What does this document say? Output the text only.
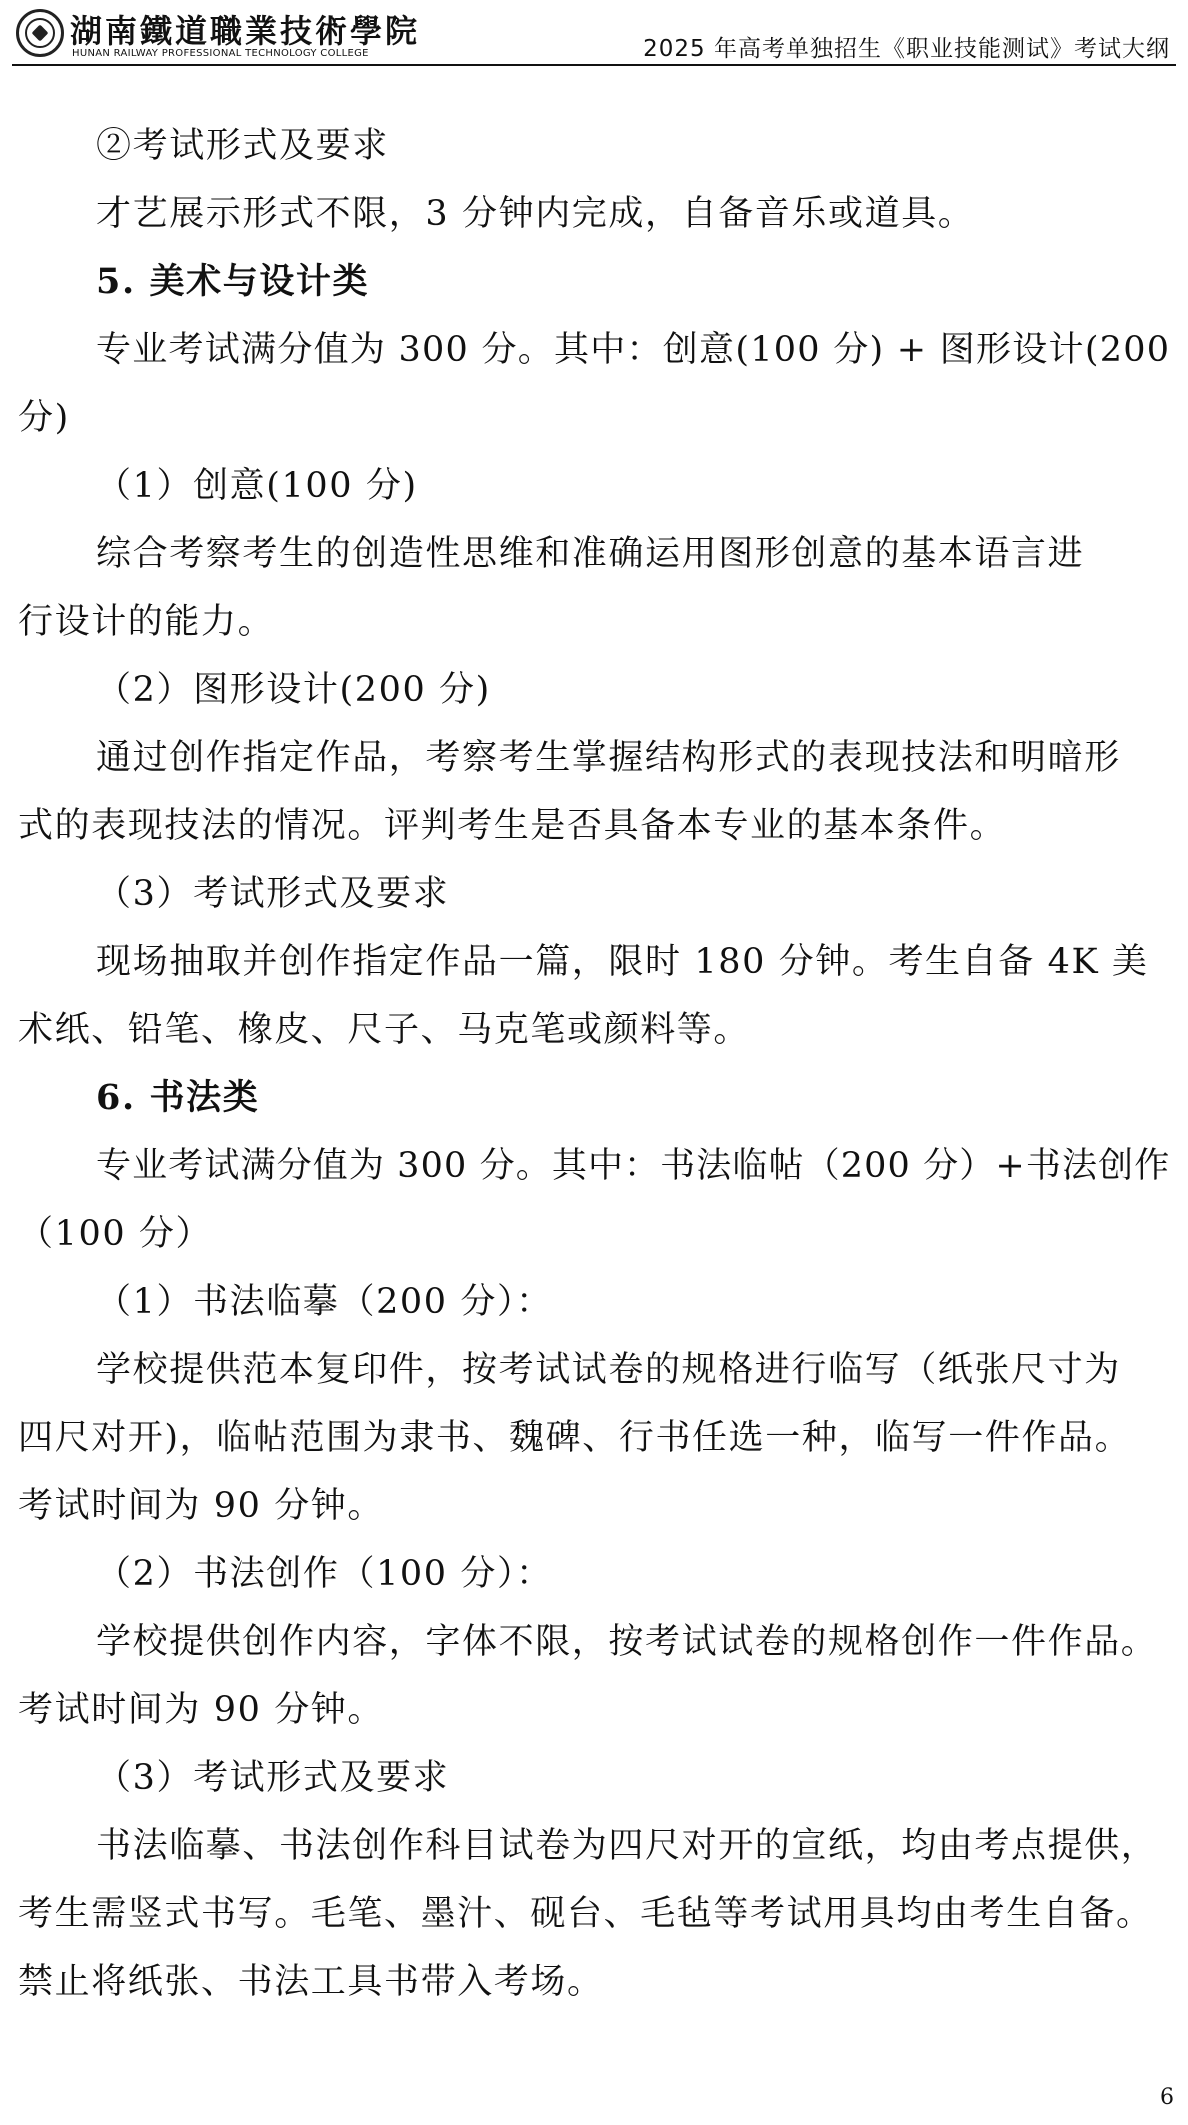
湖南鐵道職業技術學院
HUNAN RAILWAY PROFESSIONAL TECHNOLOGY COLLEGE	2025 年高考单独招生《职业技能测试》考试大纲
②考试形式及要求
才艺展示形式不限，3 分钟内完成，自备音乐或道具。
5. 美术与设计类
专业考试满分值为 300 分。其中：创意(100 分) + 图形设计(200
分)
（1）创意(100 分)
综合考察考生的创造性思维和准确运用图形创意的基本语言进
行设计的能力。
（2）图形设计(200 分)
通过创作指定作品，考察考生掌握结构形式的表现技法和明暗形
式的表现技法的情况。评判考生是否具备本专业的基本条件。
（3）考试形式及要求
现场抽取并创作指定作品一篇，限时 180 分钟。考生自备 4K 美
术纸、铅笔、橡皮、尺子、马克笔或颜料等。
6. 书法类
专业考试满分值为 300 分。其中：书法临帖（200 分）+书法创作
（100 分）
（1）书法临摹（200 分）：
学校提供范本复印件，按考试试卷的规格进行临写（纸张尺寸为
四尺对开)，临帖范围为隶书、魏碑、行书任选一种，临写一件作品。
考试时间为 90 分钟。
（2）书法创作（100 分）：
学校提供创作内容，字体不限，按考试试卷的规格创作一件作品。
考试时间为 90 分钟。
（3）考试形式及要求
书法临摹、书法创作科目试卷为四尺对开的宣纸，均由考点提供，
考生需竖式书写。毛笔、墨汁、砚台、毛毡等考试用具均由考生自备。
禁止将纸张、书法工具书带入考场。
6
